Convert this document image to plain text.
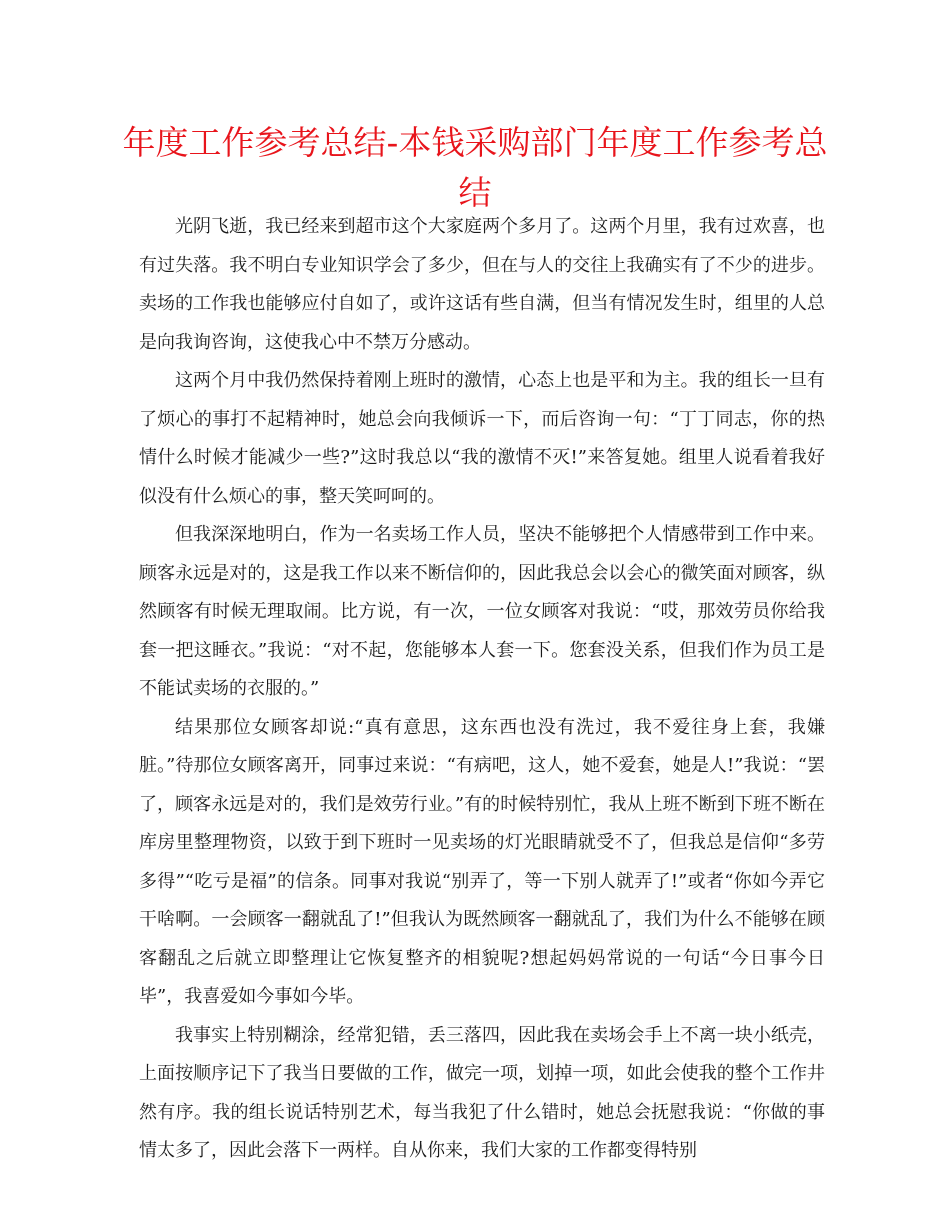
年度工作参考总结-本钱采购部门年度工作参考总结

光阴飞逝，我已经来到超市这个大家庭两个多月了。这两个月里，我有过欢喜，也有过失落。我不明白专业知识学会了多少，但在与人的交往上我确实有了不少的进步。卖场的工作我也能够应付自如了，或许这话有些自满，但当有情况发生时，组里的人总是向我询咨询，这使我心中不禁万分感动。

这两个月中我仍然保持着刚上班时的激情，心态上也是平和为主。我的组长一旦有了烦心的事打不起精神时，她总会向我倾诉一下，而后咨询一句：“丁丁同志，你的热情什么时候才能减少一些?”这时我总以“我的激情不灭!”来答复她。组里人说看着我好似没有什么烦心的事，整天笑呵呵的。

但我深深地明白，作为一名卖场工作人员，坚决不能够把个人情感带到工作中来。顾客永远是对的，这是我工作以来不断信仰的，因此我总会以会心的微笑面对顾客，纵然顾客有时候无理取闹。比方说，有一次，一位女顾客对我说：“哎，那效劳员你给我套一把这睡衣。”我说：“对不起，您能够本人套一下。您套没关系，但我们作为员工是不能试卖场的衣服的。”

结果那位女顾客却说:“真有意思，这东西也没有洗过，我不爱往身上套，我嫌脏。”待那位女顾客离开，同事过来说：“有病吧，这人，她不爱套，她是人!”我说：“罢了，顾客永远是对的，我们是效劳行业。”有的时候特别忙，我从上班不断到下班不断在库房里整理物资，以致于到下班时一见卖场的灯光眼睛就受不了，但我总是信仰“多劳多得”“吃亏是福”的信条。同事对我说“别弄了，等一下别人就弄了!”或者“你如今弄它干啥啊。一会顾客一翻就乱了!”但我认为既然顾客一翻就乱了，我们为什么不能够在顾客翻乱之后就立即整理让它恢复整齐的相貌呢?想起妈妈常说的一句话“今日事今日毕”，我喜爱如今事如今毕。

我事实上特别糊涂，经常犯错，丢三落四，因此我在卖场会手上不离一块小纸壳，上面按顺序记下了我当日要做的工作，做完一项，划掉一项，如此会使我的整个工作井然有序。我的组长说话特别艺术，每当我犯了什么错时，她总会抚慰我说：“你做的事情太多了，因此会落下一两样。自从你来，我们大家的工作都变得特别
